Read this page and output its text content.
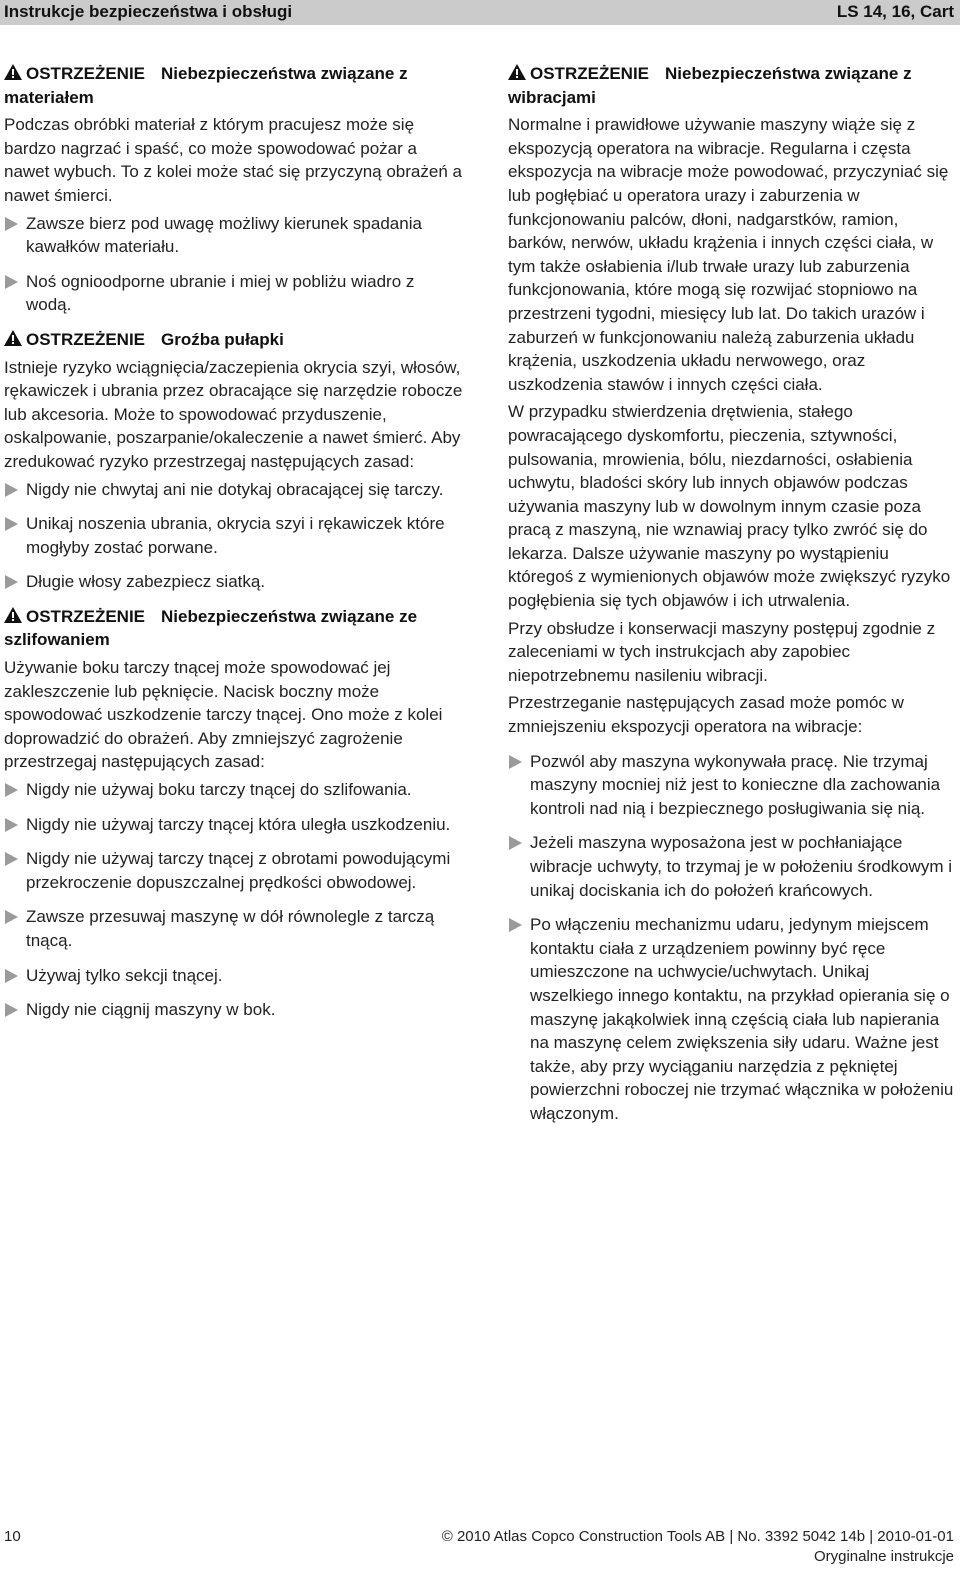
Instrukcje bezpieczeństwa i obsługi	LS 14, 16, Cart
OSTRZEŻENIE Niebezpieczeństwa związane z materiałem

Podczas obróbki materiał z którym pracujesz może się bardzo nagrzać i spaść, co może spowodować pożar a nawet wybuch. To z kolei może stać się przyczyną obrażeń a nawet śmierci.

Zawsze bierz pod uwagę możliwy kierunek spadania kawałków materiału.
Noś ognioodporne ubranie i miej w pobliżu wiadro z wodą.
OSTRZEŻENIE Groźba pułapki

Istnieje ryzyko wciągnięcia/zaczepienia okrycia szyi, włosów, rękawiczek i ubrania przez obracające się narzędzie robocze lub akcesoria. Może to spowodować przyduszenie, oskalpowanie, poszarpanie/okaleczenie a nawet śmierć. Aby zredukować ryzyko przestrzegaj następujących zasad:

Nigdy nie chwytaj ani nie dotykaj obracającej się tarczy.
Unikaj noszenia ubrania, okrycia szyi i rękawiczek które mogłyby zostać porwane.
Długie włosy zabezpiecz siatką.
OSTRZEŻENIE Niebezpieczeństwa związane ze szlifowaniem

Używanie boku tarczy tnącej może spowodować jej zakleszczenie lub pęknięcie. Nacisk boczny może spowodować uszkodzenie tarczy tnącej. Ono może z kolei doprowadzić do obrażeń. Aby zmniejszyć zagrożenie przestrzegaj następujących zasad:

Nigdy nie używaj boku tarczy tnącej do szlifowania.
Nigdy nie używaj tarczy tnącej która uległa uszkodzeniu.
Nigdy nie używaj tarczy tnącej z obrotami powodującymi przekroczenie dopuszczalnej prędkości obwodowej.
Zawsze przesuwaj maszynę w dół równolegle z tarczą tnącą.
Używaj tylko sekcji tnącej.
Nigdy nie ciągnij maszyny w bok.
OSTRZEŻENIE Niebezpieczeństwa związane z wibracjami

Normalne i prawidłowe używanie maszyny wiąże się z ekspozycją operatora na wibracje. Regularna i częsta ekspozycja na wibracje może powodować, przyczyniać się lub pogłębiać u operatora urazy i zaburzenia w funkcjonowaniu palców, dłoni, nadgarstków, ramion, barków, nerwów, układu krążenia i innych części ciała, w tym także osłabienia i/lub trwałe urazy lub zaburzenia funkcjonowania, które mogą się rozwijać stopniowo na przestrzeni tygodni, miesięcy lub lat. Do takich urazów i zaburzeń w funkcjonowaniu należą zaburzenia układu krążenia, uszkodzenia układu nerwowego, oraz uszkodzenia stawów i innych części ciała.

W przypadku stwierdzenia drętwienia, stałego powracającego dyskomfortu, pieczenia, sztywności, pulsowania, mrowienia, bólu, niezdarności, osłabienia uchwytu, bladości skóry lub innych objawów podczas używania maszyny lub w dowolnym innym czasie poza pracą z maszyną, nie wznawiaj pracy tylko zwróć się do lekarza. Dalsze używanie maszyny po wystąpieniu któregoś z wymienionych objawów może zwiększyć ryzyko pogłębienia się tych objawów i ich utrwalenia.

Przy obsłudze i konserwacji maszyny postępuj zgodnie z zaleceniami w tych instrukcjach aby zapobiec niepotrzebnemu nasileniu wibracji.

Przestrzeganie następujących zasad może pomóc w zmniejszeniu ekspozycji operatora na wibracje:

Pozwól aby maszyna wykonywała pracę. Nie trzymaj maszyny mocniej niż jest to konieczne dla zachowania kontroli nad nią i bezpiecznego posługiwania się nią.
Jeżeli maszyna wyposażona jest w pochłaniające wibracje uchwyty, to trzymaj je w położeniu środkowym i unikaj dociskania ich do położeń krańcowych.
Po włączeniu mechanizmu udaru, jedynym miejscem kontaktu ciała z urządzeniem powinny być ręce umieszczone na uchwycie/uchwytach. Unikaj wszelkiego innego kontaktu, na przykład opierania się o maszynę jakąkolwiek inną częścią ciała lub napierania na maszynę celem zwiększenia siły udaru. Ważne jest także, aby przy wyciąganiu narzędzia z pękniętej powierzchni roboczej nie trzymać włącznika w położeniu włączonym.
10	© 2010 Atlas Copco Construction Tools AB | No. 3392 5042 14b | 2010-01-01
Oryginalne instrukcje
